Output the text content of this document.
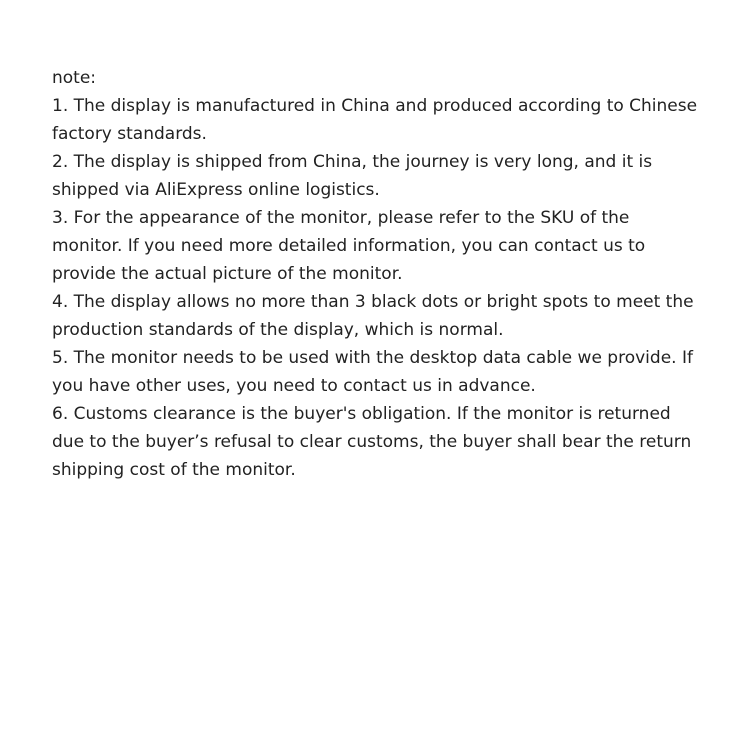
note:

1. The display is manufactured in China and produced according to Chinese factory standards.

2. The display is shipped from China, the journey is very long, and it is shipped via AliExpress online logistics.

3. For the appearance of the monitor, please refer to the SKU of the monitor. If you need more detailed information, you can contact us to provide the actual picture of the monitor.

4. The display allows no more than 3 black dots or bright spots to meet the production standards of the display, which is normal.

5. The monitor needs to be used with the desktop data cable we provide. If you have other uses, you need to contact us in advance.

6. Customs clearance is the buyer's obligation. If the monitor is returned due to the buyer’s refusal to clear customs, the buyer shall bear the return shipping cost of the monitor.
